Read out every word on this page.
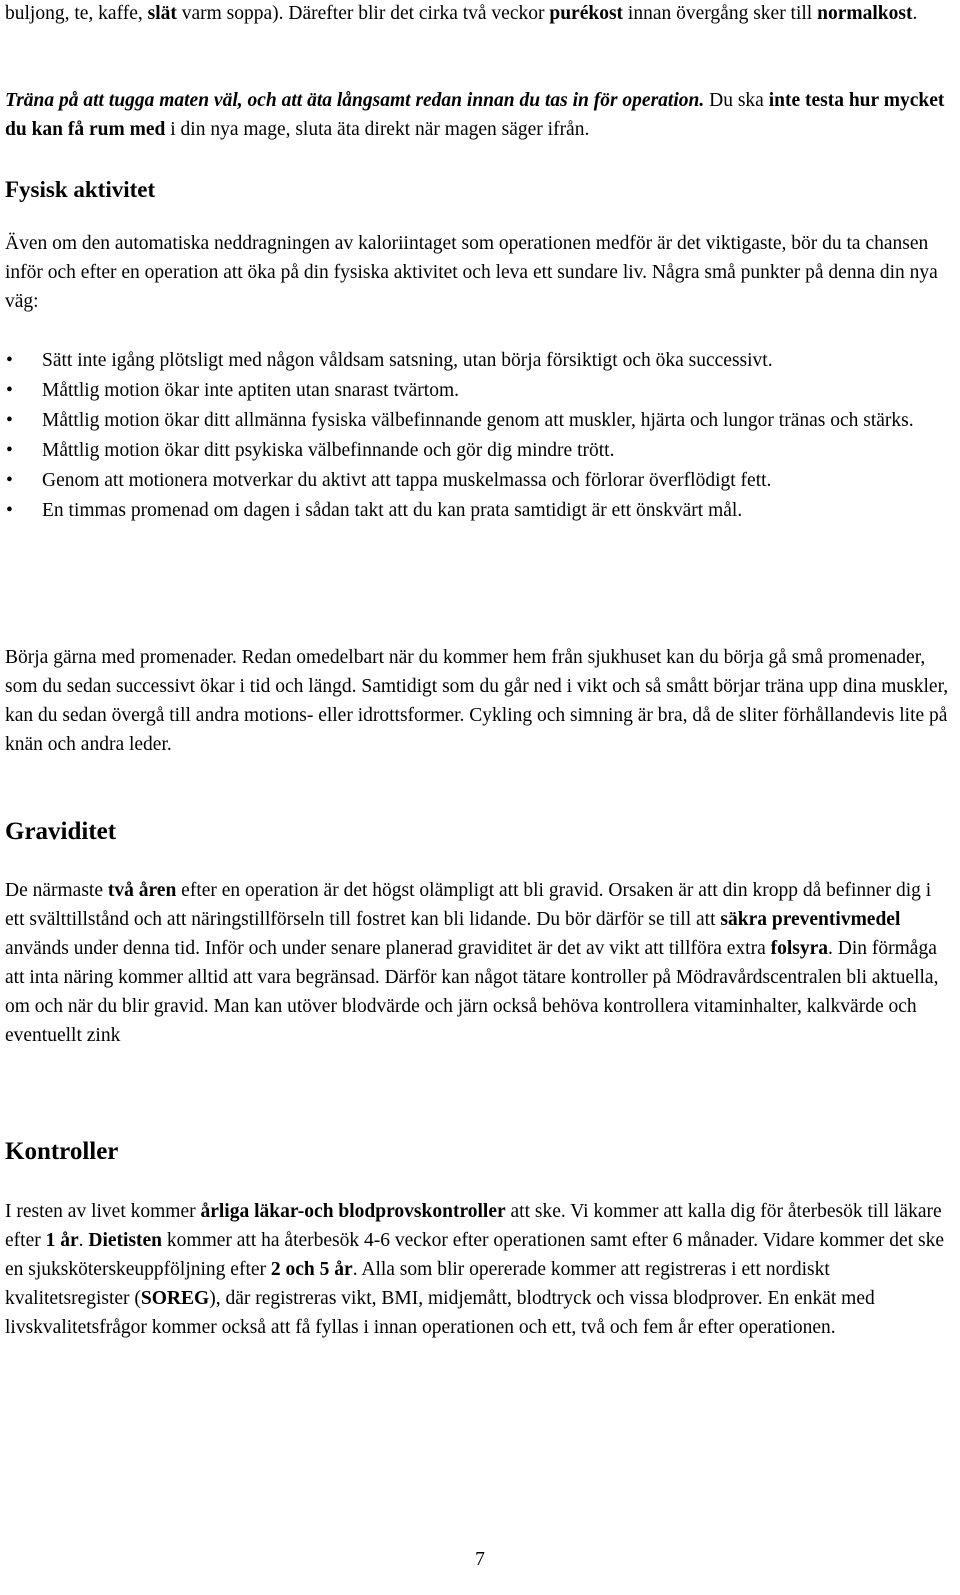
buljong, te, kaffe, slät varm soppa). Därefter blir det cirka två veckor purékost innan övergång sker till normalkost.

Träna på att tugga maten väl, och att äta långsamt redan innan du tas in för operation. Du ska inte testa hur mycket du kan få rum med i din nya mage, sluta äta direkt när magen säger ifrån.

Fysisk aktivitet

Även om den automatiska neddragningen av kaloriintaget som operationen medför är det viktigaste, bör du ta chansen inför och efter en operation att öka på din fysiska aktivitet och leva ett sundare liv. Några små punkter på denna din nya väg:

• Sätt inte igång plötsligt med någon våldsam satsning, utan börja försiktigt och öka successivt.
• Måttlig motion ökar inte aptiten utan snarast tvärtom.
• Måttlig motion ökar ditt allmänna fysiska välbefinnande genom att muskler, hjärta och lungor tränas och stärks.
• Måttlig motion ökar ditt psykiska välbefinnande och gör dig mindre trött.
• Genom att motionera motverkar du aktivt att tappa muskelmassa och förlorar överflödigt fett.
• En timmas promenad om dagen i sådan takt att du kan prata samtidigt är ett önskvärt mål.

Börja gärna med promenader. Redan omedelbart när du kommer hem från sjukhuset kan du börja gå små promenader, som du sedan successivt ökar i tid och längd. Samtidigt som du går ned i vikt och så smått börjar träna upp dina muskler, kan du sedan övergå till andra motions- eller idrottsformer. Cykling och simning är bra, då de sliter förhållandevis lite på knän och andra leder.

Graviditet

De närmaste två åren efter en operation är det högst olämpligt att bli gravid. Orsaken är att din kropp då befinner dig i ett svälttillstånd och att näringstillförseln till fostret kan bli lidande. Du bör därför se till att säkra preventivmedel används under denna tid. Inför och under senare planerad graviditet är det av vikt att tillföra extra folsyra. Din förmåga att inta näring kommer alltid att vara begränsad. Därför kan något tätare kontroller på Mödravårdscentralen bli aktuella, om och när du blir gravid. Man kan utöver blodvärde och järn också behöva kontrollera vitaminhalter, kalkvärde och eventuellt zink

Kontroller

I resten av livet kommer årliga läkar-och blodprovskontroller att ske. Vi kommer att kalla dig för återbesök till läkare efter 1 år. Dietisten kommer att ha återbesök 4-6 veckor efter operationen samt efter 6 månader. Vidare kommer det ske en sjuksköterskeuppföljning efter 2 och 5 år. Alla som blir opererade kommer att registreras i ett nordiskt kvalitetsregister (SOREG), där registreras vikt, BMI, midjemått, blodtryck och vissa blodprover. En enkät med livskvalitetsfrågor kommer också att få fyllas i innan operationen och ett, två och fem år efter operationen.

7
